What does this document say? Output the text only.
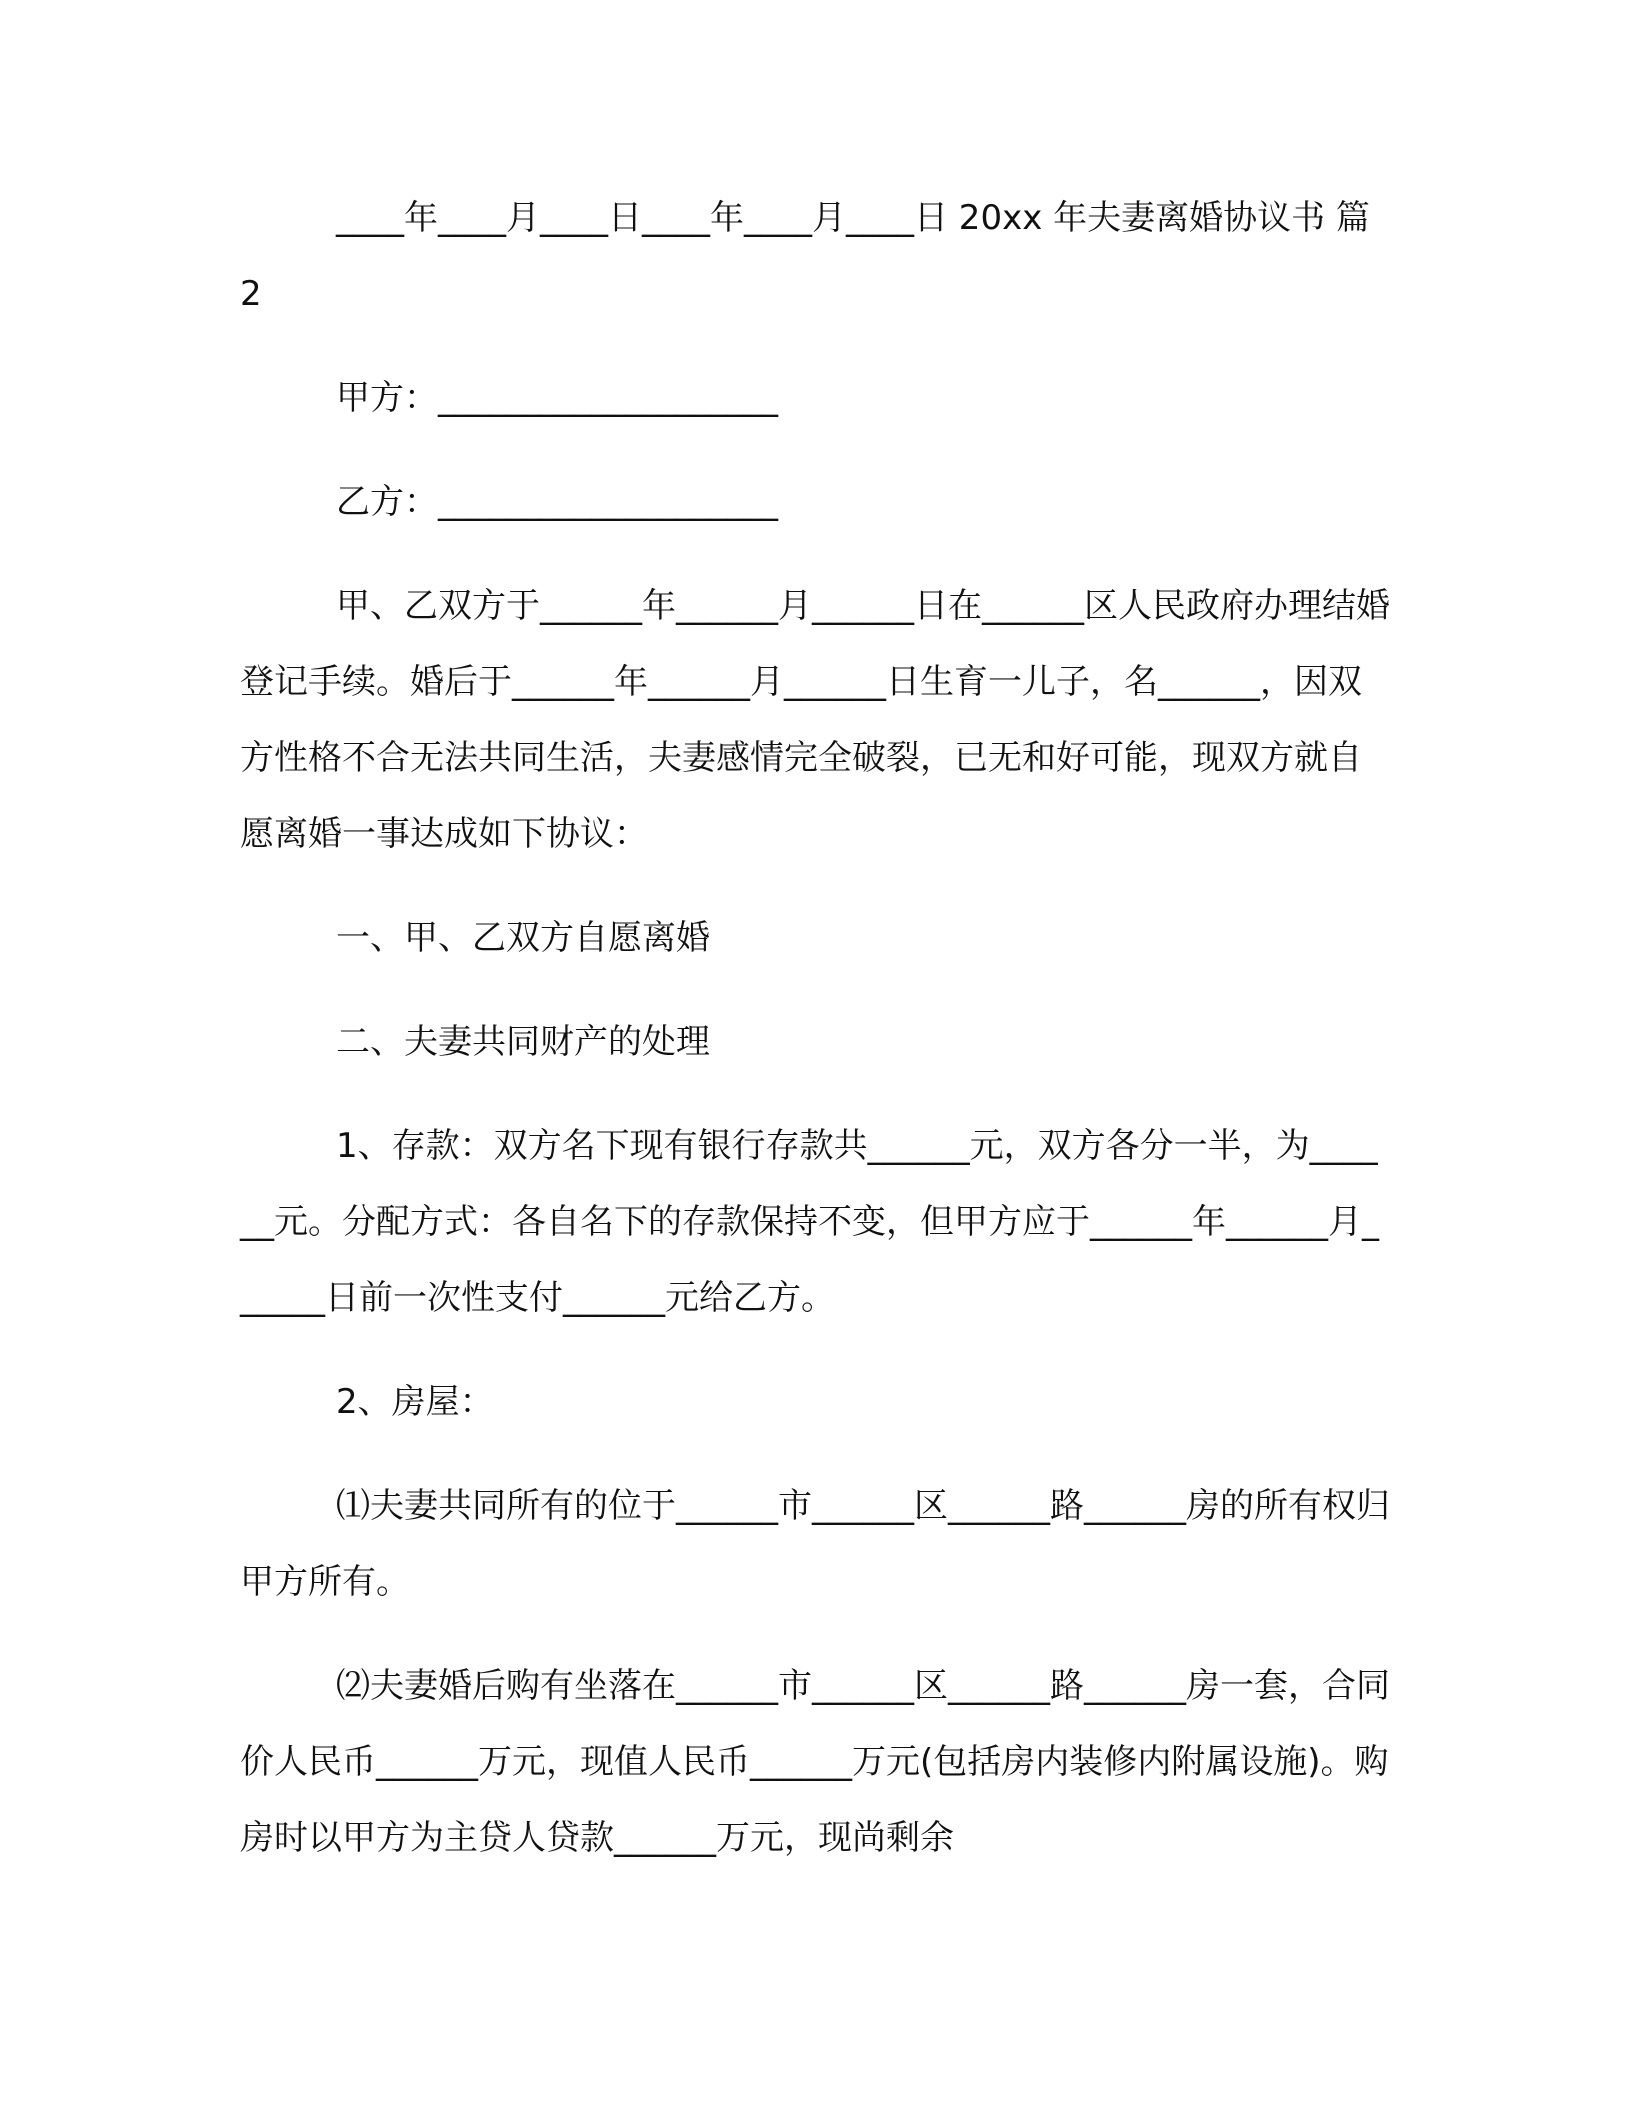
____年____月____日____年____月____日 20xx 年夫妻离婚协议书 篇 2

甲方：____________________

乙方：____________________

甲、乙双方于______年______月______日在______区人民政府办理结婚登记手续。婚后于______年______月______日生育一儿子，名______，因双方性格不合无法共同生活，夫妻感情完全破裂，已无和好可能，现双方就自愿离婚一事达成如下协议：

一、甲、乙双方自愿离婚

二、夫妻共同财产的处理

1、存款：双方名下现有银行存款共______元，双方各分一半，为______元。分配方式：各自名下的存款保持不变，但甲方应于______年______月______日前一次性支付______元给乙方。

2、房屋：

⑴夫妻共同所有的位于______市______区______路______房的所有权归甲方所有。

⑵夫妻婚后购有坐落在______市______区______路______房一套，合同价人民币______万元，现值人民币______万元(包括房内装修内附属设施)。购房时以甲方为主贷人贷款______万元，现尚剩余
